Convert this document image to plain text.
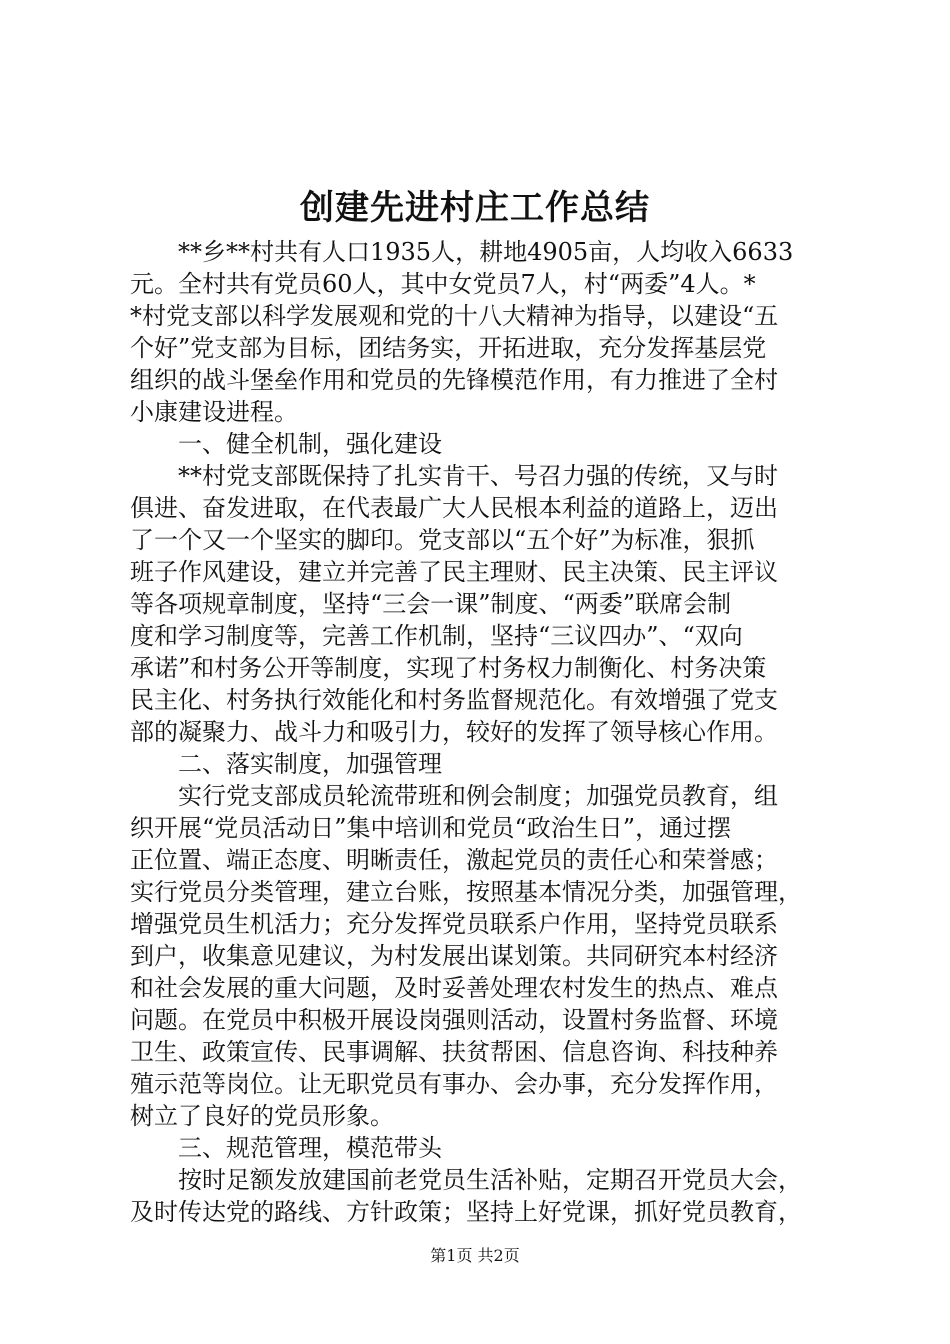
创建先进村庄工作总结
　　**乡**村共有人口1935人，耕地4905亩，人均收入6633
元。全村共有党员60人，其中女党员7人，村“两委”4人。*
*村党支部以科学发展观和党的十八大精神为指导，以建设“五
个好”党支部为目标，团结务实，开拓进取，充分发挥基层党
组织的战斗堡垒作用和党员的先锋模范作用，有力推进了全村
小康建设进程。
　　一、健全机制，强化建设
　　**村党支部既保持了扎实肯干、号召力强的传统，又与时
俱进、奋发进取，在代表最广大人民根本利益的道路上，迈出
了一个又一个坚实的脚印。党支部以“五个好”为标准，狠抓
班子作风建设，建立并完善了民主理财、民主决策、民主评议
等各项规章制度，坚持“三会一课”制度、“两委”联席会制
度和学习制度等，完善工作机制，坚持“三议四办”、“双向
承诺”和村务公开等制度，实现了村务权力制衡化、村务决策
民主化、村务执行效能化和村务监督规范化。有效增强了党支
部的凝聚力、战斗力和吸引力，较好的发挥了领导核心作用。
　　二、落实制度，加强管理
　　实行党支部成员轮流带班和例会制度；加强党员教育，组
织开展“党员活动日”集中培训和党员“政治生日”，通过摆
正位置、端正态度、明晰责任，激起党员的责任心和荣誉感；
实行党员分类管理，建立台账，按照基本情况分类，加强管理，
增强党员生机活力；充分发挥党员联系户作用，坚持党员联系
到户，收集意见建议，为村发展出谋划策。共同研究本村经济
和社会发展的重大问题，及时妥善处理农村发生的热点、难点
问题。在党员中积极开展设岗强则活动，设置村务监督、环境
卫生、政策宣传、民事调解、扶贫帮困、信息咨询、科技种养
殖示范等岗位。让无职党员有事办、会办事，充分发挥作用，
树立了良好的党员形象。
　　三、规范管理，模范带头
　　按时足额发放建国前老党员生活补贴，定期召开党员大会，
及时传达党的路线、方针政策；坚持上好党课，抓好党员教育，
第1页 共2页
